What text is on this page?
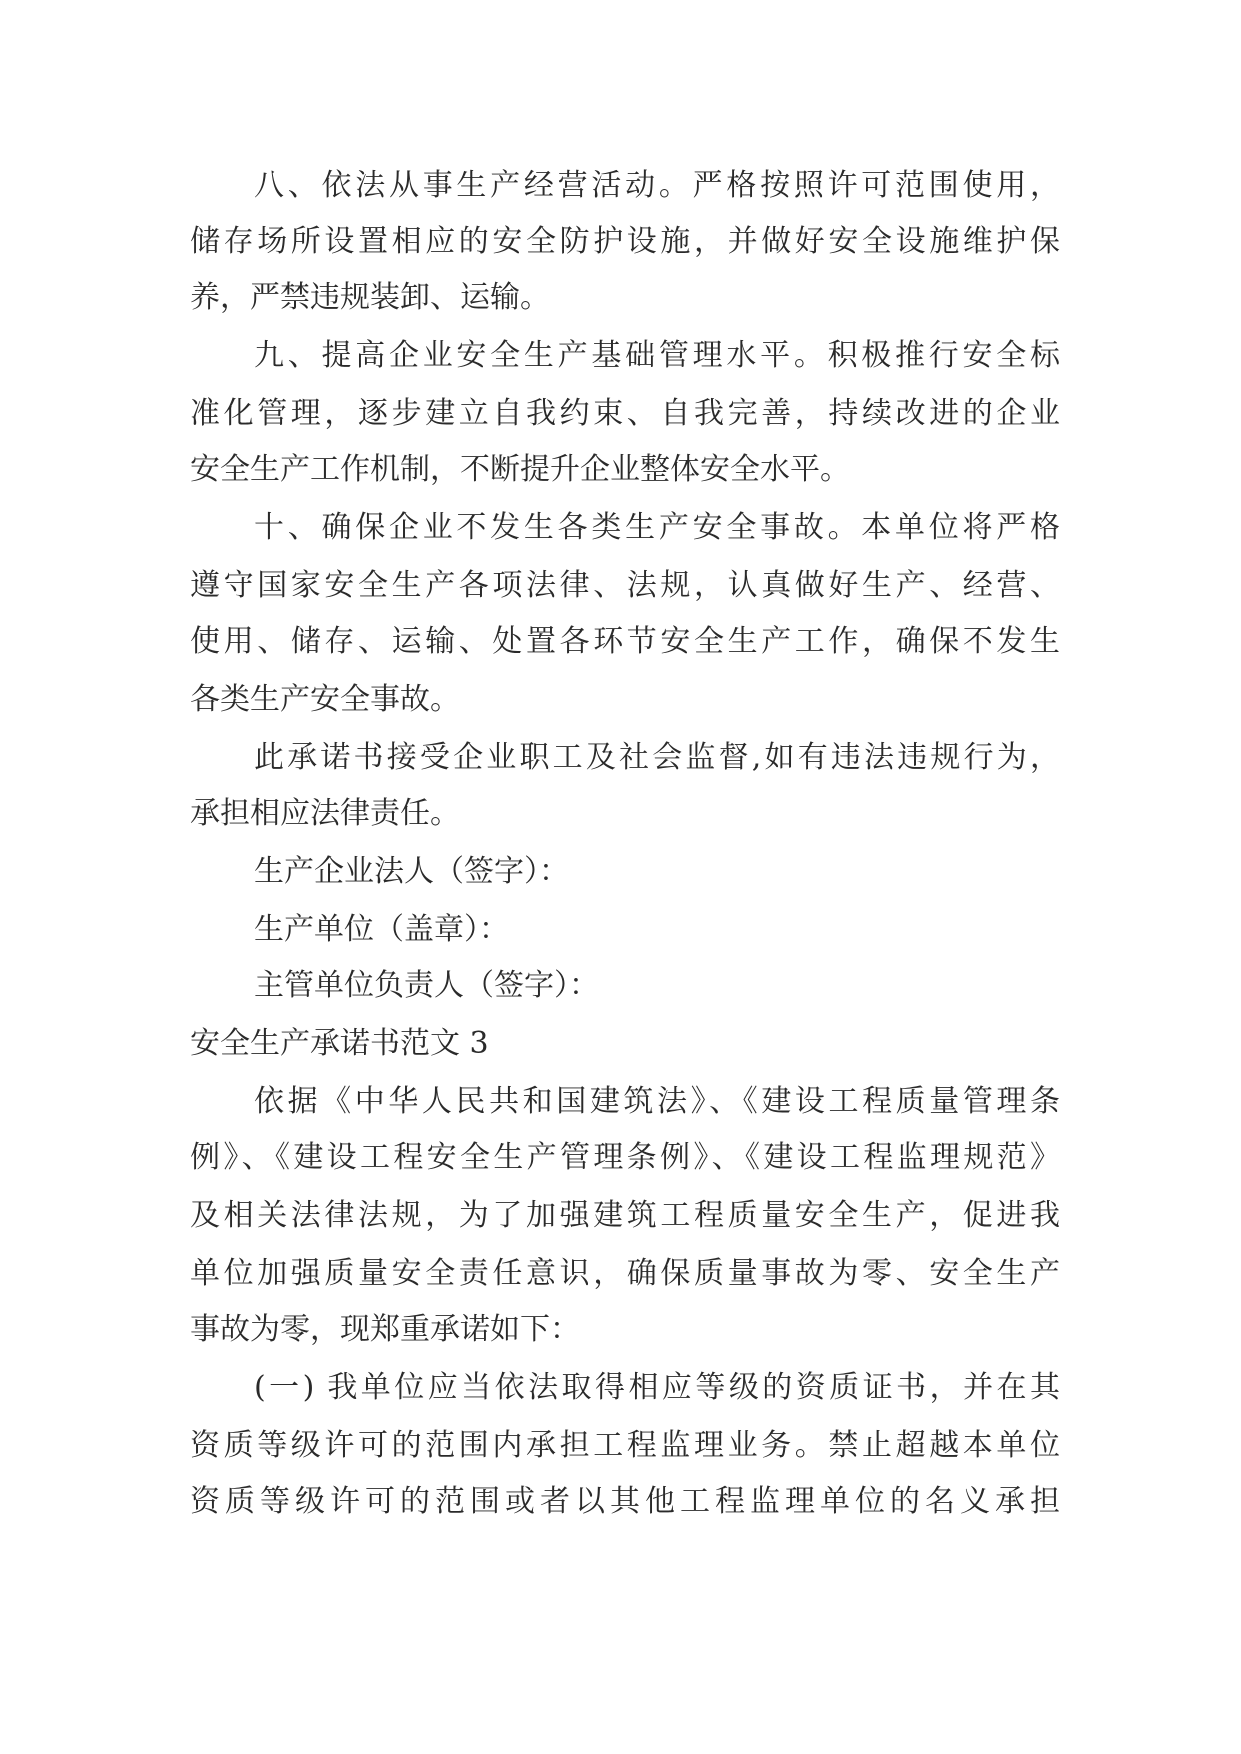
八、依法从事生产经营活动。严格按照许可范围使用，
储存场所设置相应的安全防护设施，并做好安全设施维护保
养，严禁违规装卸、运输。
九、提高企业安全生产基础管理水平。积极推行安全标
准化管理，逐步建立自我约束、自我完善，持续改进的企业
安全生产工作机制，不断提升企业整体安全水平。
十、确保企业不发生各类生产安全事故。本单位将严格
遵守国家安全生产各项法律、法规，认真做好生产、经营、
使用、储存、运输、处置各环节安全生产工作，确保不发生
各类生产安全事故。
此承诺书接受企业职工及社会监督,如有违法违规行为，
承担相应法律责任。
生产企业法人（签字）：
生产单位（盖章）：
主管单位负责人（签字）：
安全生产承诺书范文 3
依据《中华人民共和国建筑法》、《建设工程质量管理条
例》、《建设工程安全生产管理条例》、《建设工程监理规范》
及相关法律法规，为了加强建筑工程质量安全生产，促进我
单位加强质量安全责任意识，确保质量事故为零、安全生产
事故为零，现郑重承诺如下：
(一) 我单位应当依法取得相应等级的资质证书，并在其
资质等级许可的范围内承担工程监理业务。禁止超越本单位
资质等级许可的范围或者以其他工程监理单位的名义承担
